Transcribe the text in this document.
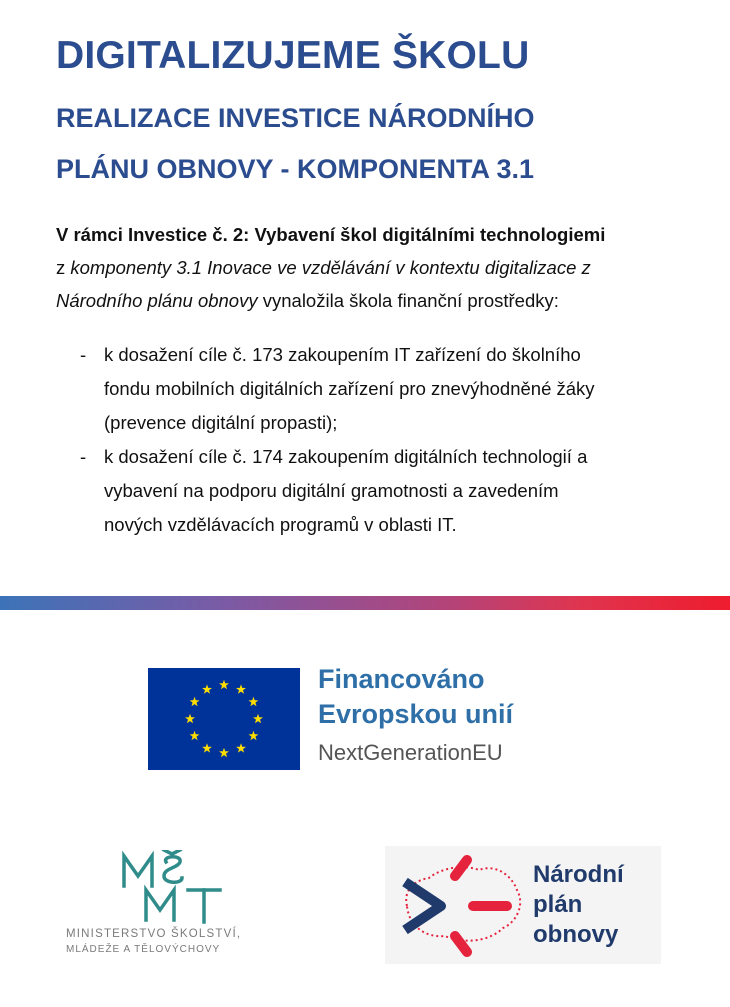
DIGITALIZUJEME ŠKOLU
REALIZACE INVESTICE NÁRODNÍHO
PLÁNU OBNOVY - KOMPONENTA 3.1

V rámci Investice č. 2: Vybavení škol digitálními technologiemi
z komponenty 3.1 Inovace ve vzdělávání v kontextu digitalizace z
Národního plánu obnovy vynaložila škola finanční prostředky:

- k dosažení cíle č. 173 zakoupením IT zařízení do školního
fondu mobilních digitálních zařízení pro znevýhodněné žáky
(prevence digitální propasti);
- k dosažení cíle č. 174 zakoupením digitálních technologií a
vybavení na podporu digitální gramotnosti a zavedením
nových vzdělávacích programů v oblasti IT.
Financováno
Evropskou unií
NextGenerationEU
MINISTERSTVO ŠKOLSTVÍ,
MLÁDEŽE A TĚLOVÝCHOVY
Národní
plán
obnovy
